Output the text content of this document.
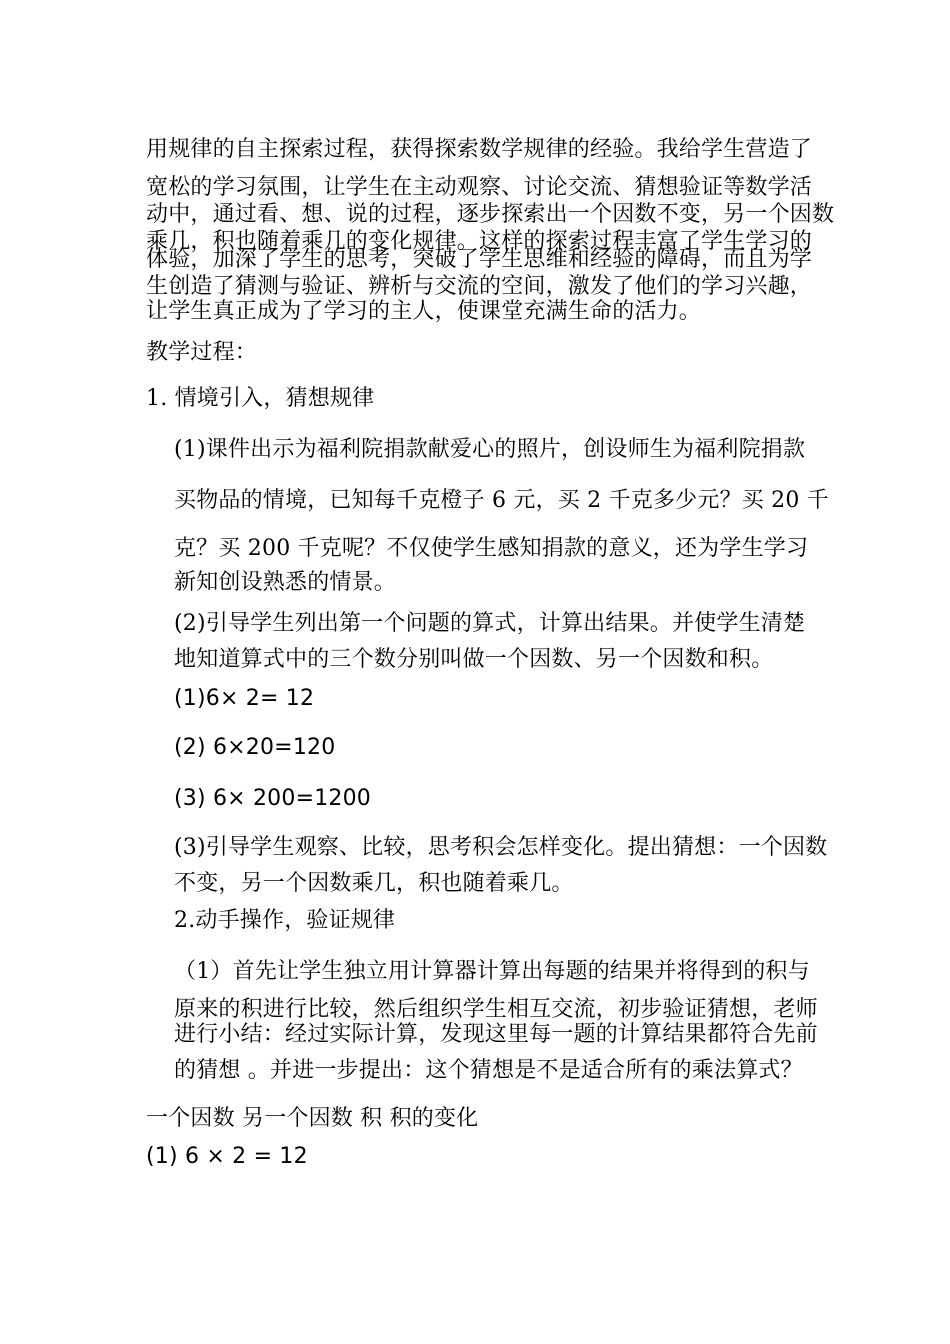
用规律的自主探索过程，获得探索数学规律的经验。我给学生营造了
宽松的学习氛围，让学生在主动观察、讨论交流、猜想验证等数学活
动中，通过看、想、说的过程，逐步探索出一个因数不变，另一个因数
乘几，积也随着乘几的变化规律。这样的探索过程丰富了学生学习的
体验，加深了学生的思考，突破了学生思维和经验的障碍，而且为学
生创造了猜测与验证、辨析与交流的空间，激发了他们的学习兴趣，
让学生真正成为了学习的主人，使课堂充满生命的活力。
教学过程：
1. 情境引入，猜想规律
(1)课件出示为福利院捐款献爱心的照片，创设师生为福利院捐款
买物品的情境，已知每千克橙子 6 元，买 2 千克多少元？买 20 千
克？买 200 千克呢？不仅使学生感知捐款的意义，还为学生学习
新知创设熟悉的情景。
(2)引导学生列出第一个问题的算式，计算出结果。并使学生清楚
地知道算式中的三个数分别叫做一个因数、另一个因数和积。
(1)6× 2= 12
(2) 6×20=120
(3) 6× 200=1200
(3)引导学生观察、比较，思考积会怎样变化。提出猜想：一个因数
不变，另一个因数乘几，积也随着乘几。
2.动手操作，验证规律
（1）首先让学生独立用计算器计算出每题的结果并将得到的积与
原来的积进行比较，然后组织学生相互交流，初步验证猜想，老师
进行小结：经过实际计算，发现这里每一题的计算结果都符合先前
的猜想 。并进一步提出：这个猜想是不是适合所有的乘法算式？
一个因数 另一个因数 积 积的变化
(1) 6 × 2 = 12
